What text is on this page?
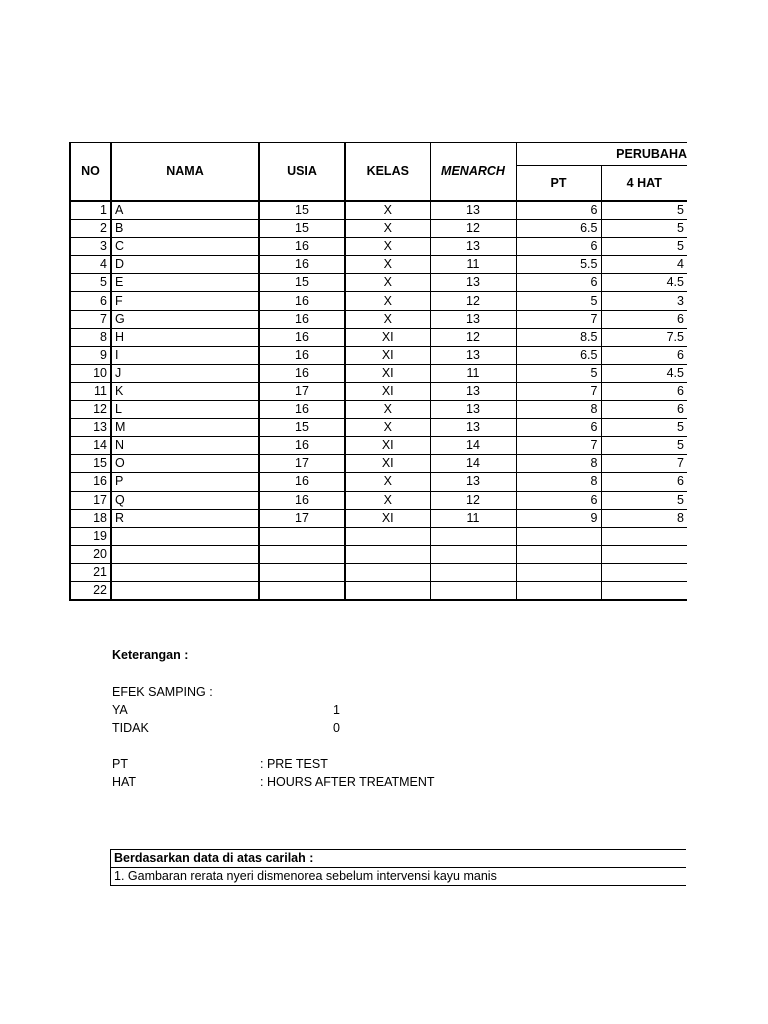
NO	NAMA	USIA	KELAS	MENARCH	PERUBAHA	
					PT	4 HAT
1	A	15	X	13	6	5
2	B	15	X	12	6.5	5
3	C	16	X	13	6	5
4	D	16	X	11	5.5	4
5	E	15	X	13	6	4.5
6	F	16	X	12	5	3
7	G	16	X	13	7	6
8	H	16	XI	12	8.5	7.5
9	I	16	XI	13	6.5	6
10	J	16	XI	11	5	4.5
11	K	17	XI	13	7	6
12	L	16	X	13	8	6
13	M	15	X	13	6	5
14	N	16	XI	14	7	5
15	O	17	XI	14	8	7
16	P	16	X	13	8	6
17	Q	16	X	12	6	5
18	R	17	XI	11	9	8
19						
20						
21						
22						
Keterangan :
EFEK SAMPING :
YA	1
TIDAK	0
PT	: PRE TEST
HAT	: HOURS AFTER TREATMENT
Berdasarkan data di atas carilah :
1. Gambaran rerata nyeri dismenorea sebelum intervensi kayu manis
